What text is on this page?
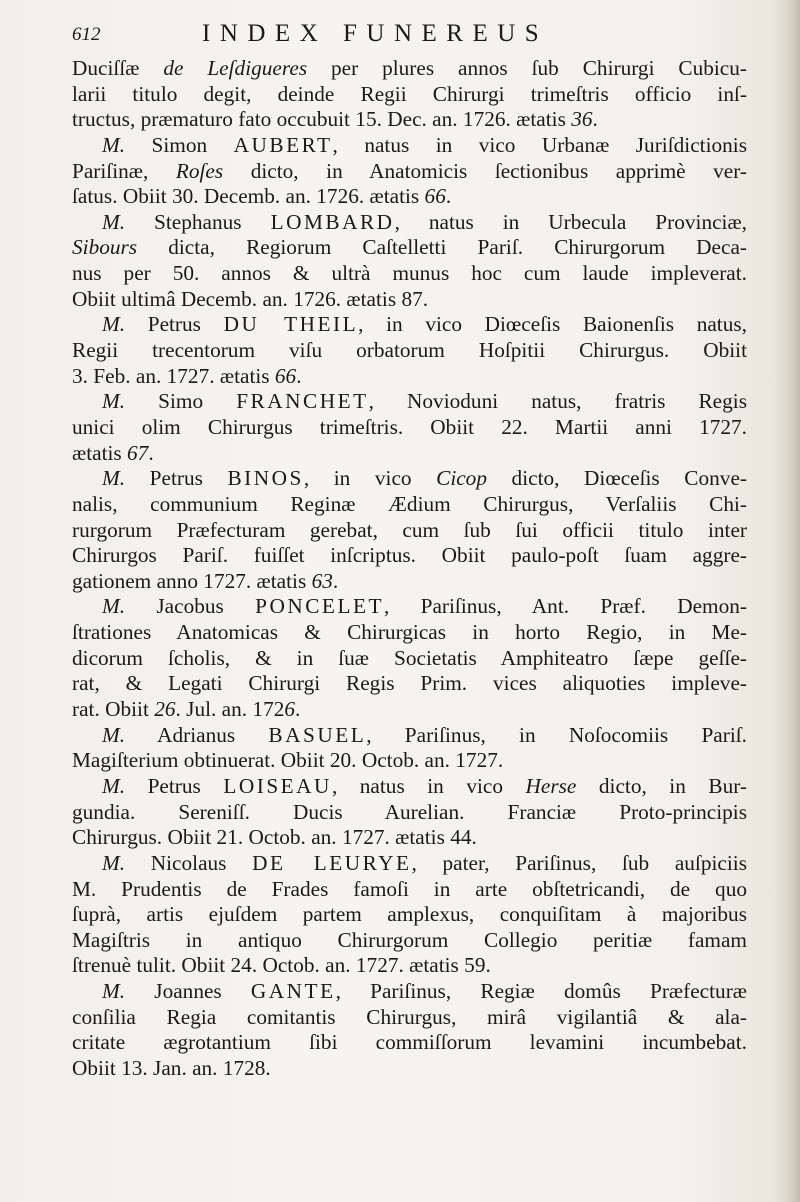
612	INDEX FUNEREUS
Duciſſæ de Leſdigueres per plures annos ſub Chirurgi Cubicu-
larii titulo degit, deinde Regii Chirurgi trimeſtris officio inſ-
tructus, præmaturo fato occubuit 15. Dec. an. 1726. ætatis 36.
M. Simon AUBERT, natus in vico Urbanæ Juriſdictionis
Pariſinæ, Roſes dicto, in Anatomicis ſectionibus apprimè ver-
ſatus. Obiit 30. Decemb. an. 1726. ætatis 66.
M. Stephanus LOMBARD, natus in Urbecula Provinciæ,
Sibours dicta, Regiorum Caſtelletti Pariſ. Chirurgorum Deca-
nus per 50. annos & ultrà munus hoc cum laude impleverat.
Obiit ultimâ Decemb. an. 1726. ætatis 87.
M. Petrus DU THEIL, in vico Diœceſis Baionenſis natus,
Regii trecentorum viſu orbatorum Hoſpitii Chirurgus. Obiit
3. Feb. an. 1727. ætatis 66.
M. Simo FRANCHET, Novioduni natus, fratris Regis
unici olim Chirurgus trimeſtris. Obiit 22. Martii anni 1727.
ætatis 67.
M. Petrus BINOS, in vico Cicop dicto, Diœceſis Conve-
nalis, communium Reginæ Ædium Chirurgus, Verſaliis Chi-
rurgorum Præfecturam gerebat, cum ſub ſui officii titulo inter
Chirurgos Pariſ. fuiſſet inſcriptus. Obiit paulo-poſt ſuam aggre-
gationem anno 1727. ætatis 63.
M. Jacobus PONCELET, Pariſinus, Ant. Præf. Demon-
ſtrationes Anatomicas & Chirurgicas in horto Regio, in Me-
dicorum ſcholis, & in ſuæ Societatis Amphiteatro ſæpe geſſe-
rat, & Legati Chirurgi Regis Prim. vices aliquoties impleve-
rat. Obiit 26. Jul. an. 1726.
M. Adrianus BASUEL, Pariſinus, in Noſocomiis Pariſ.
Magiſterium obtinuerat. Obiit 20. Octob. an. 1727.
M. Petrus LOISEAU, natus in vico Herse dicto, in Bur-
gundia. Sereniſſ. Ducis Aurelian. Franciæ Proto-principis
Chirurgus. Obiit 21. Octob. an. 1727. ætatis 44.
M. Nicolaus DE LEURYE, pater, Pariſinus, ſub auſpiciis
M. Prudentis de Frades famoſi in arte obſtetricandi, de quo
ſuprà, artis ejuſdem partem amplexus, conquiſitam à majoribus
Magiſtris in antiquo Chirurgorum Collegio peritiæ famam
ſtrenuè tulit. Obiit 24. Octob. an. 1727. ætatis 59.
M. Joannes GANTE, Pariſinus, Regiæ domûs Præfecturæ
conſilia Regia comitantis Chirurgus, mirâ vigilantiâ & ala-
critate ægrotantium ſibi commiſſorum levamini incumbebat.
Obiit 13. Jan. an. 1728.
